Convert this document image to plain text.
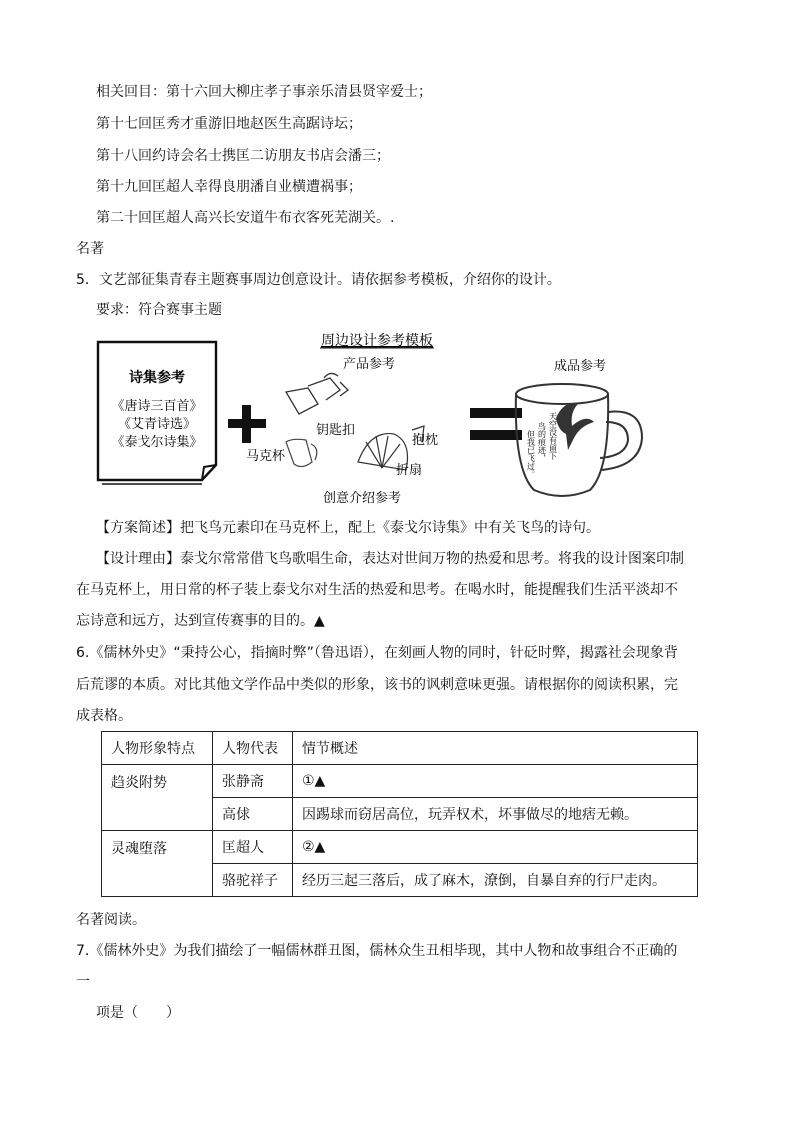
相关回目：第十六回大柳庄孝子事亲乐清县贤宰爱士；
第十七回匡秀才重游旧地赵医生高踞诗坛；
第十八回约诗会名士携匡二访朋友书店会潘三；
第十九回匡超人幸得良朋潘自业横遭祸事；
第二十回匡超人高兴长安道牛布衣客死芜湖关。.
名著
5．文艺部征集青春主题赛事周边创意设计。请依据参考模板，介绍你的设计。
要求：符合赛事主题
诗集参考
《唐诗三百首》
《艾青诗选》
《泰戈尔诗集》
周边设计参考模板
产品参考
钥匙扣
马克杯
抱枕
折扇
创意介绍参考
成品参考
天空没有留下
鸟的痕迹，
但我已飞过。
【方案简述】把飞鸟元素印在马克杯上，配上《泰戈尔诗集》中有关飞鸟的诗句。
【设计理由】泰戈尔常常借飞鸟歌唱生命，表达对世间万物的热爱和思考。将我的设计图案印制
在马克杯上，用日常的杯子装上泰戈尔对生活的热爱和思考。在喝水时，能提醒我们生活平淡却不
忘诗意和远方，达到宣传赛事的目的。▲
6.《儒林外史》“秉持公心，指摘时弊”（鲁迅语），在刻画人物的同时，针砭时弊，揭露社会现象背
后荒谬的本质。对比其他文学作品中类似的形象，该书的讽刺意味更强。请根据你的阅读积累，完
成表格。
人物形象特点	人物代表	情节概述
趋炎附势	张静斋	①▲
	高俅	因踢球而窃居高位，玩弄权术，坏事做尽的地痞无赖。
灵魂堕落	匡超人	②▲
	骆驼祥子	经历三起三落后，成了麻木，潦倒，自暴自弃的行尸走肉。
名著阅读。
7.《儒林外史》为我们描绘了一幅儒林群丑图，儒林众生丑相毕现，其中人物和故事组合不正确的
一
项是（　　）
